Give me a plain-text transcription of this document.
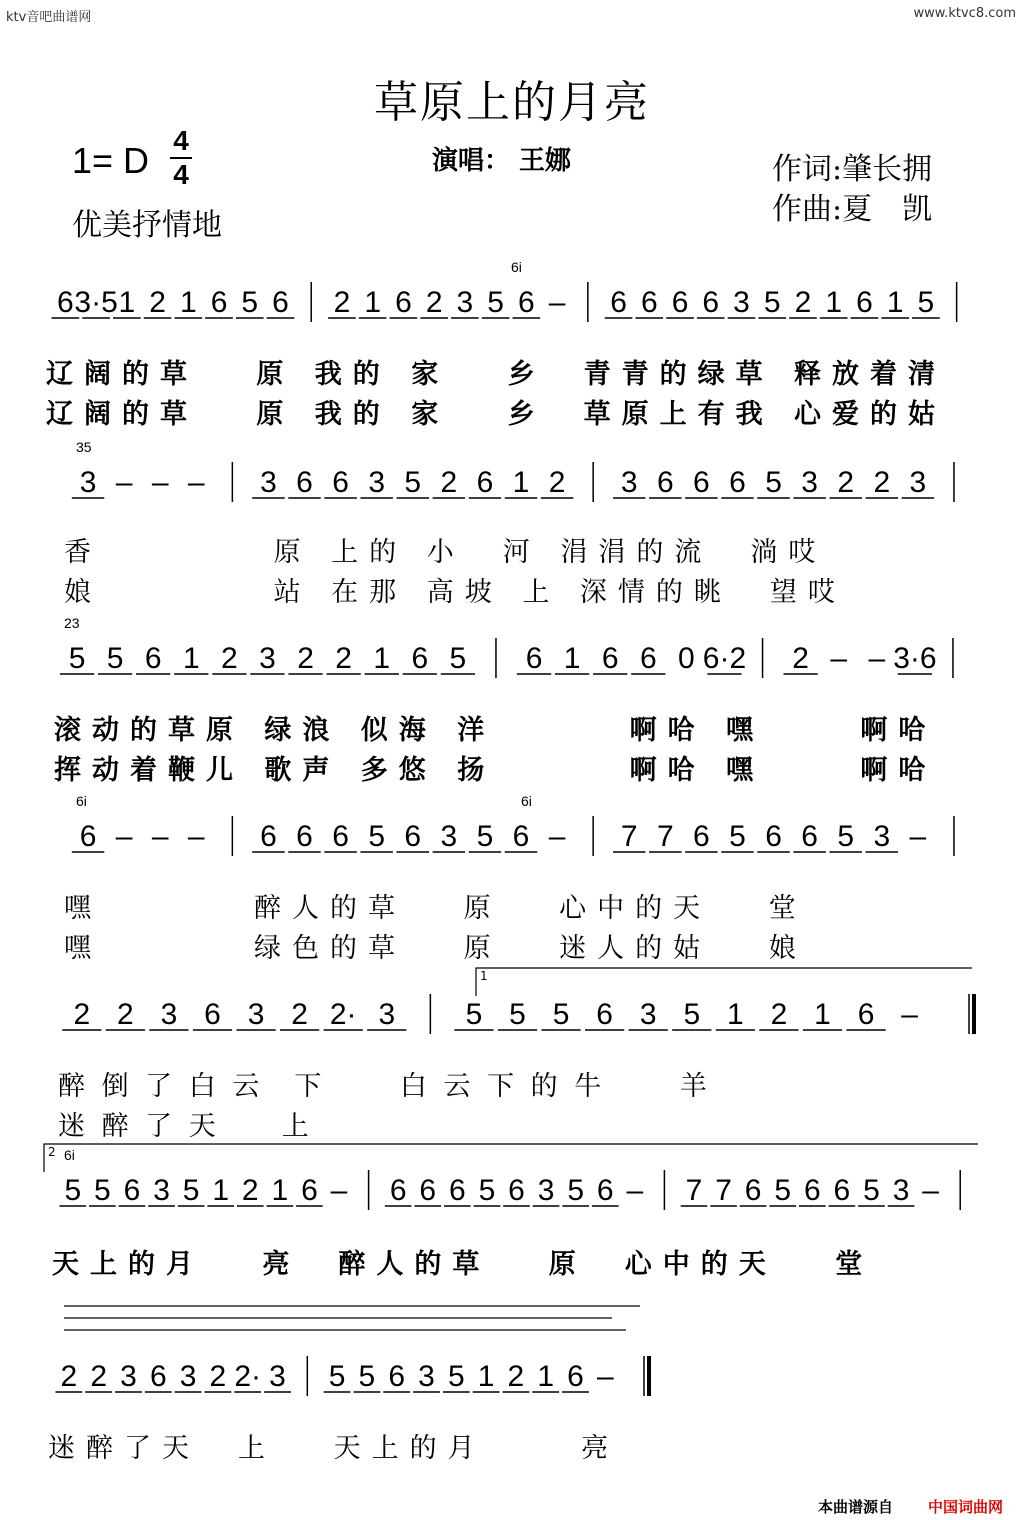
ktv音吧曲谱网	www.ktvc8.com
草原上的月亮
1= D 4
4	演唱： 王娜	作词:肇长拥
作曲:夏　凯
优美抒情地
6 3·5 1 2 1 6 5 6 2 1 6 2 3 5 6 – 6 6 6 6 3 5 2 1 6 1 5
6i
3 – – – 3 6 6 3 5 2 6 1 2 3 6 6 6 5 3 2 2 3
35
5 5 6 1 2 3 2 2 1 6 5 6 1 6 6 0 6·2 2 – – 3·6
23
6 – – – 6 6 6 5 6 3 5 6 – 7 7 6 5 6 6 5 3 –
6i	6i
2 2 3 6 3 2 2· 3 5 5 5 6 3 5 1 2 1 6 –
1
5 5 6 3 5 1 2 1 6 – 6 6 6 5 6 3 5 6 – 7 7 6 5 6 6 5 3 –
6i
2
2 2 3 6 3 2 2· 3 5 5 6 3 5 1 2 1 6 –
辽阔的草　 原 我的 家　 乡　青青的绿草 释放着清
辽阔的草　 原 我的 家　 乡　草原上有我 心爱的姑
香　　　　 原 上的 小　河 涓涓的流　淌哎
娘　　　　 站 在那 高坡 上 深情的眺　望哎
滚动的草原 绿浪 似海 洋　　　 啊哈 嘿　　 啊哈
挥动着鞭儿 歌声 多悠 扬　　　 啊哈 嘿　　 啊哈
嘿　　　　醉人的草　 原　 心中的天　 堂
嘿　　　　绿色的草　 原　 迷人的姑　 娘
醉 倒 了 白 云　下　　 白 云 下 的 牛　　 羊
迷 醉 了 天　　上
天上的月　 亮　醉人的草　 原　心中的天　 堂
迷醉了天　上　 天上的月　　 亮
本曲谱源自 中国词曲网
